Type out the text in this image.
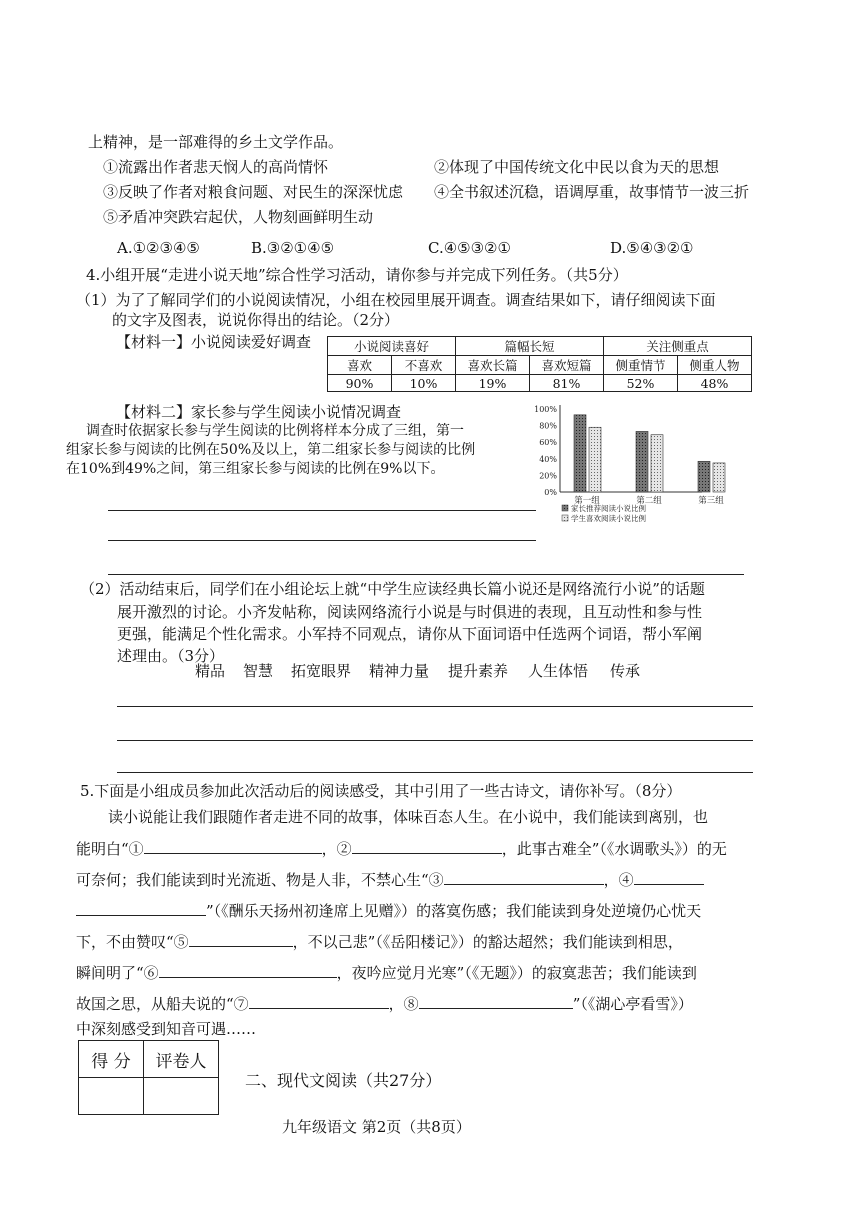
上精神，是一部难得的乡土文学作品。
①流露出作者悲天悯人的高尚情怀	②体现了中国传统文化中民以食为天的思想
③反映了作者对粮食问题、对民生的深深忧虑 ④全书叙述沉稳，语调厚重，故事情节一波三折
⑤矛盾冲突跌宕起伏，人物刻画鲜明生动
A.①②③④⑤	B.③②①④⑤	C.④⑤③②①	D.⑤④③②①
4.小组开展“走进小说天地”综合性学习活动，请你参与并完成下列任务。（共5分）
（1）为了了解同学们的小说阅读情况，小组在校园里展开调查。调查结果如下，请仔细阅读下面
的文字及图表，说说你得出的结论。（2分）
【材料一】小说阅读爱好调查	小说阅读喜好		篇幅长短		关注侧重点	
喜欢	不喜欢	喜欢长篇	喜欢短篇	侧重情节	侧重人物
90%	10%	19%	81%	52%	48%
【材料二】家长参与学生阅读小说情况调查
调查时依据家长参与学生阅读的比例将样本分成了三组，第一
组家长参与阅读的比例在50%及以上，第二组家长参与阅读的比例
在10%到49%之间，第三组家长参与阅读的比例在9%以下。
100%
80%
60%
40%
20%
0%
第一组	第二组	第三组
家长推荐阅读小说比例
学生喜欢阅读小说比例
（2）活动结束后，同学们在小组论坛上就“中学生应读经典长篇小说还是网络流行小说”的话题
展开激烈的讨论。小齐发帖称，阅读网络流行小说是与时俱进的表现，且互动性和参与性
更强，能满足个性化需求。小军持不同观点，请你从下面词语中任选两个词语，帮小军阐
述理由。（3分）
精品 智慧 拓宽眼界 精神力量 提升素养 人生体悟 传承
5.下面是小组成员参加此次活动后的阅读感受，其中引用了一些古诗文，请你补写。（8分）
读小说能让我们跟随作者走进不同的故事，体味百态人生。在小说中，我们能读到离别，也
能明白“①	，②	，此事古难全”（《水调歌头》）的无
可奈何；我们能读到时光流逝、物是人非，不禁心生“③	，④
”（《酬乐天扬州初逢席上见赠》）的落寞伤感；我们能读到身处逆境仍心忧天
下，不由赞叹“⑤	，不以己悲”（《岳阳楼记》）的豁达超然；我们能读到相思，
瞬间明了“⑥	，夜吟应觉月光寒”（《无题》）的寂寞悲苦；我们能读到
故国之思，从船夫说的“⑦	，⑧	”（《湖心亭看雪》）
中深刻感受到知音可遇……
得 分	评卷人

二、现代文阅读（共27分）
九年级语文 第2页（共8页）
